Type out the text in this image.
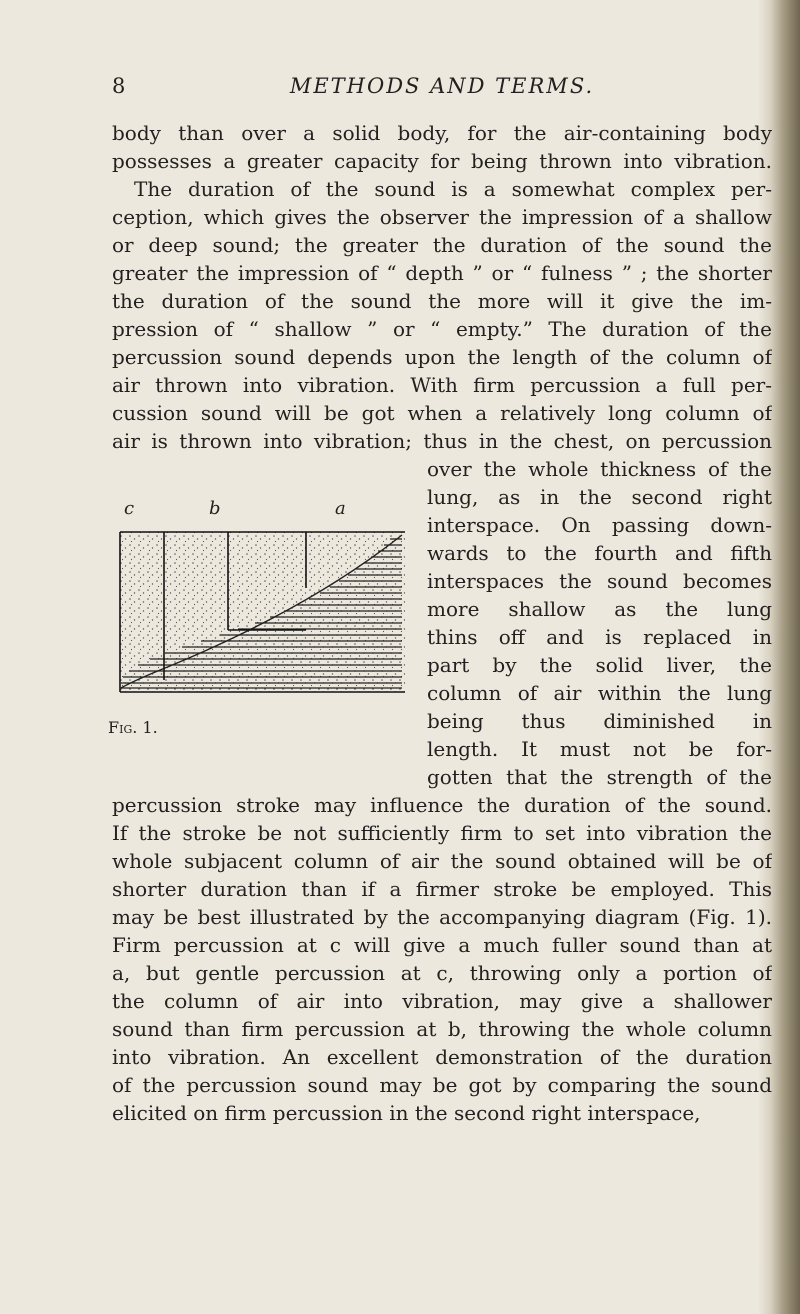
8	METHODS AND TERMS.
body than over a solid body, for the air-containing body
possesses a greater capacity for being thrown into vibration.
The duration of the sound is a somewhat complex per-
ception, which gives the observer the impression of a shallow
or deep sound; the greater the duration of the sound the
greater the impression of “ depth ” or “ fulness ” ; the shorter
the duration of the sound the more will it give the im-
pression of “ shallow ” or “ empty.” The duration of the
percussion sound depends upon the length of the column of
air thrown into vibration. With firm percussion a full per-
cussion sound will be got when a relatively long column of
air is thrown into vibration; thus in the chest, on percussion
over the whole thickness of the
lung, as in the second right
interspace. On passing down-
wards to the fourth and fifth
interspaces the sound becomes
more shallow as the lung
thins off and is replaced in
part by the solid liver, the
column of air within the lung
being thus diminished in
length. It must not be for-
gotten that the strength of the
percussion stroke may influence the duration of the sound.
If the stroke be not sufficiently firm to set into vibration the
whole subjacent column of air the sound obtained will be of
shorter duration than if a firmer stroke be employed. This
may be best illustrated by the accompanying diagram (Fig. 1).
Firm percussion at c will give a much fuller sound than at
a, but gentle percussion at c, throwing only a portion of
the column of air into vibration, may give a shallower
sound than firm percussion at b, throwing the whole column
into vibration. An excellent demonstration of the duration
of the percussion sound may be got by comparing the sound
elicited on firm percussion in the second right interspace,
c	b	a
Fig. 1.
